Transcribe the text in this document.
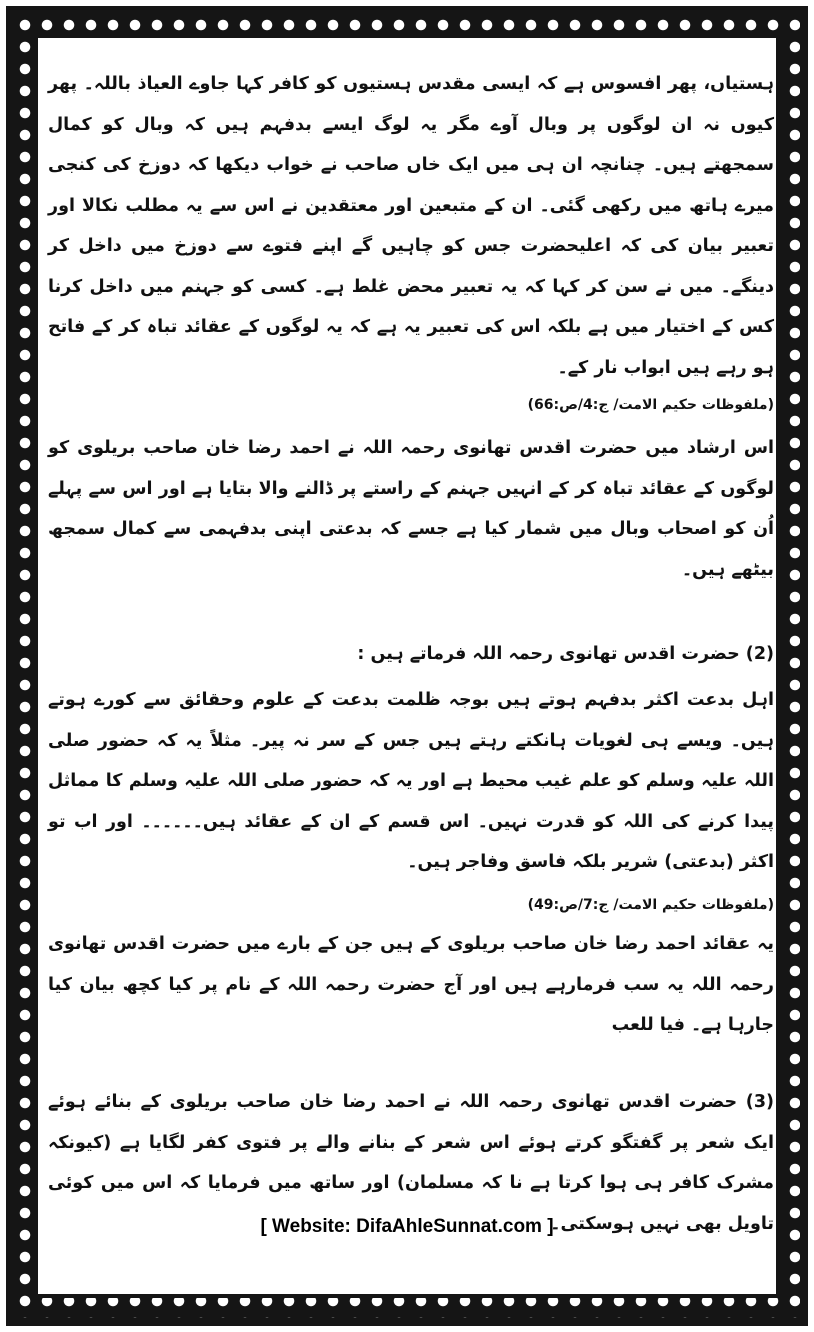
ہستیاں، پھر افسوس ہے کہ ایسی مقدس ہستیوں کو کافر کہا جاوے العیاذ باللہ۔ پھر کیوں نہ ان لوگوں پر وبال آوے مگر یہ لوگ ایسے بدفہم ہیں کہ وبال کو کمال سمجھتے ہیں۔ چنانچہ ان ہی میں ایک خاں صاحب نے خواب دیکھا کہ دوزخ کی کنجی میرے ہاتھ میں رکھی گئی۔ ان کے متبعین اور معتقدین نے اس سے یہ مطلب نکالا اور تعبیر بیان کی کہ اعلیحضرت جس کو چاہیں گے اپنے فتوے سے دوزخ میں داخل کر دینگے۔ میں نے سن کر کہا کہ یہ تعبیر محض غلط ہے۔ کسی کو جہنم میں داخل کرنا کس کے اختیار میں ہے بلکہ اس کی تعبیر یہ ہے کہ یہ لوگوں کے عقائد تباہ کر کے فاتح ہو رہے ہیں ابواب نار کے۔

(ملفوظات حکیم الامت/ ج:4/ص:66)

اس ارشاد میں حضرت اقدس تھانوی رحمہ اللہ نے احمد رضا خان صاحب بریلوی کو لوگوں کے عقائد تباہ کر کے انہیں جہنم کے راستے پر ڈالنے والا بتایا ہے اور اس سے پہلے اُن کو اصحاب وبال میں شمار کیا ہے جسے کہ بدعتی اپنی بدفہمی سے کمال سمجھ بیٹھے ہیں۔

(2) حضرت اقدس تھانوی رحمہ اللہ فرماتے ہیں :

اہل بدعت اکثر بدفہم ہوتے ہیں بوجہ ظلمت بدعت کے علوم وحقائق سے کورے ہوتے ہیں۔ ویسے ہی لغویات ہانکتے رہتے ہیں جس کے سر نہ پیر۔ مثلاً یہ کہ حضور صلی اللہ علیہ وسلم کو علم غیب محیط ہے اور یہ کہ حضور صلی اللہ علیہ وسلم کا مماثل پیدا کرنے کی اللہ کو قدرت نہیں۔ اس قسم کے ان کے عقائد ہیں۔۔۔۔۔۔ اور اب تو اکثر (بدعتی) شریر بلکہ فاسق وفاجر ہیں۔

(ملفوظات حکیم الامت/ ج:7/ص:49)

یہ عقائد احمد رضا خان صاحب بریلوی کے ہیں جن کے بارے میں حضرت اقدس تھانوی رحمہ اللہ یہ سب فرمارہے ہیں اور آج حضرت رحمہ اللہ کے نام پر کیا کچھ بیان کیا جارہا ہے۔ فیا للعب

(3) حضرت اقدس تھانوی رحمہ اللہ نے احمد رضا خان صاحب بریلوی کے بنائے ہوئے ایک شعر پر گفتگو کرتے ہوئے اس شعر کے بنانے والے پر فتوی کفر لگایا ہے (کیونکہ مشرک کافر ہی ہوا کرتا ہے نا کہ مسلمان) اور ساتھ میں فرمایا کہ اس میں کوئی تاویل بھی نہیں ہوسکتی۔

[ Website: DifaAhleSunnat.com ]
